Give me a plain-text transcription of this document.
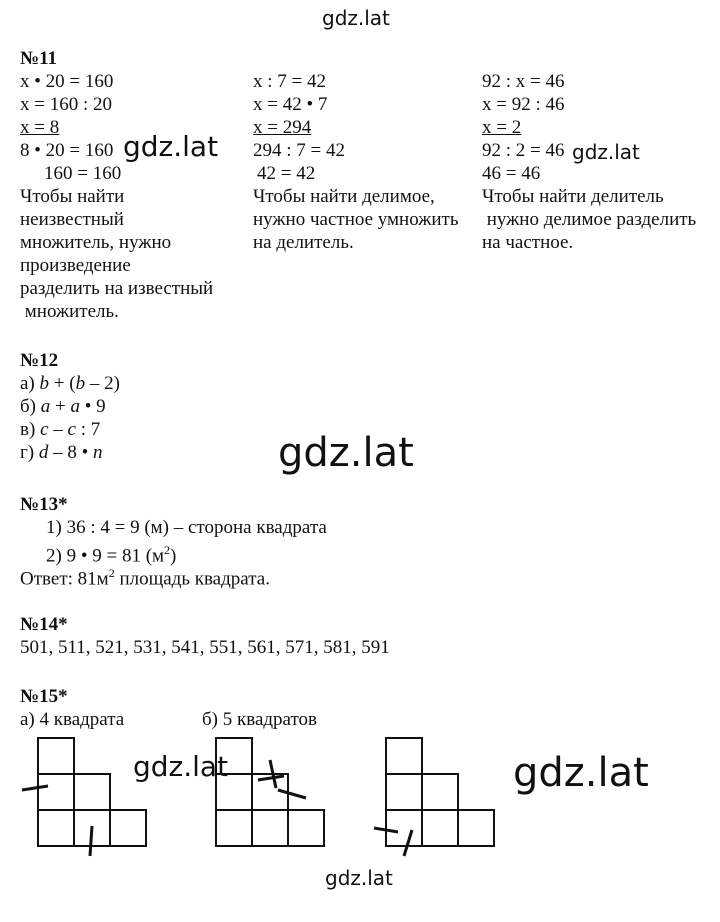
gdz.lat
gdz.lat	gdz.lat
gdz.lat
gdz.lat	gdz.lat
gdz.lat
№11
x • 20 = 160
x = 160 : 20
x = 8
8 • 20 = 160
160 = 160
Чтобы найти
неизвестный
множитель, нужно
произведение
разделить на известный
множитель.
x : 7 = 42
x = 42 • 7
x = 294
294 : 7 = 42
42 = 42
Чтобы найти делимое,
нужно частное умножить
на делитель.
92 : x = 46
x = 92 : 46
x = 2
92 : 2 = 46
46 = 46
Чтобы найти делитель
нужно делимое разделить
на частное.
№12
а) b + (b – 2)
б) a + a • 9
в) c – c : 7
г) d – 8 • n
№13*
1) 36 : 4 = 9 (м) – сторона квадрата
2) 9 • 9 = 81 $(м^2)$
Ответ: $81м^2$ площадь квадрата.
№14*
501, 511, 521, 531, 541, 551, 561, 571, 581, 591
№15*
а) 4 квадрата	б) 5 квадратов
